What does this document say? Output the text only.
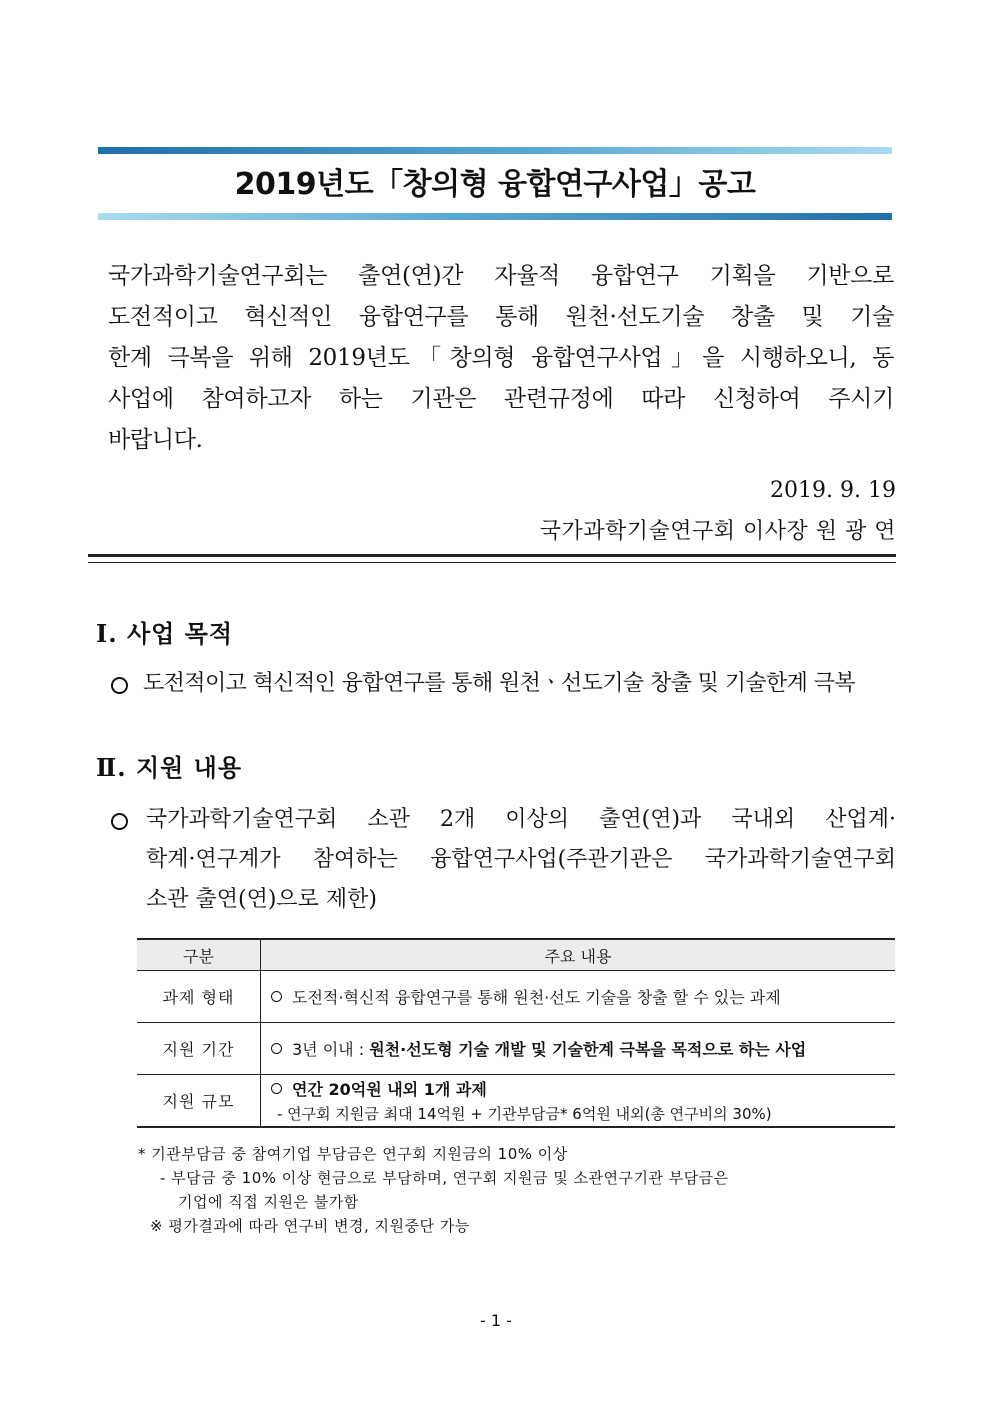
2019년도「창의형 융합연구사업」공고
국가과학기술연구회는 출연(연)간 자율적 융합연구 기획을 기반으로
도전적이고 혁신적인 융합연구를 통해 원천·선도기술 창출 및 기술
한계 극복을 위해 2019년도「창의형 융합연구사업」을 시행하오니, 동
사업에 참여하고자 하는 기관은 관련규정에 따라 신청하여 주시기
바랍니다.
2019. 9. 19
국가과학기술연구회 이사장 원 광 연
Ⅰ. 사업 목적
도전적이고 혁신적인 융합연구를 통해 원천ㆍ선도기술 창출 및 기술한계 극복
Ⅱ. 지원 내용
국가과학기술연구회 소관 2개 이상의 출연(연)과 국내외 산업계·
학계·연구계가 참여하는 융합연구사업(주관기관은 국가과학기술연구회
소관 출연(연)으로 제한)
구분	주요 내용
과제 형태	도전적·혁신적 융합연구를 통해 원천·선도 기술을 창출 할 수 있는 과제
지원 기간	3년 이내 : 원천·선도형 기술 개발 및 기술한계 극복을 목적으로 하는 사업
지원 규모	연간 20억원 내외 1개 과제
- 연구회 지원금 최대 14억원 + 기관부담금* 6억원 내외(총 연구비의 30%)
* 기관부담금 중 참여기업 부담금은 연구회 지원금의 10% 이상
- 부담금 중 10% 이상 현금으로 부담하며, 연구회 지원금 및 소관연구기관 부담금은
기업에 직접 지원은 불가함
※ 평가결과에 따라 연구비 변경, 지원중단 가능
- 1 -
